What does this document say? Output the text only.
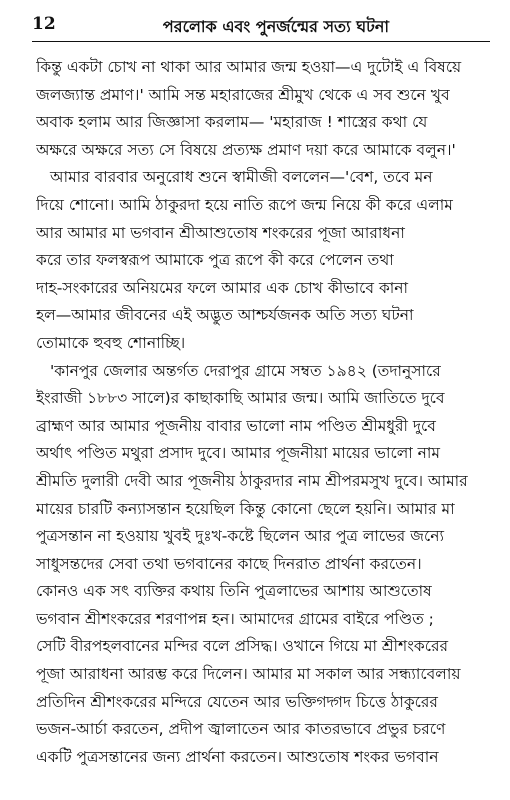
12	পরলোক এবং পুনর্জন্মের সত্য ঘটনা
কিন্তু একটা চোখ না থাকা আর আমার জন্ম হওয়া—এ দুটোই এ বিষয়ে
জলজ্যান্ত প্রমাণ।' আমি সন্ত মহারাজের শ্রীমুখ থেকে এ সব শুনে খুব
অবাক হলাম আর জিজ্ঞাসা করলাম— 'মহারাজ ! শাস্ত্রের কথা যে
অক্ষরে অক্ষরে সত্য সে বিষয়ে প্রত্যক্ষ প্রমাণ দয়া করে আমাকে বলুন।'
আমার বারবার অনুরোধ শুনে স্বামীজী বললেন—'বেশ, তবে মন
দিয়ে শোনো। আমি ঠাকুরদা হয়ে নাতি রূপে জন্ম নিয়ে কী করে এলাম
আর আমার মা ভগবান শ্রীআশুতোষ শংকরের পূজা আরাধনা
করে তার ফলস্বরূপ আমাকে পুত্র রূপে কী করে পেলেন তথা
দাহ-সংকারের অনিয়মের ফলে আমার এক চোখ কীভাবে কানা
হল—আমার জীবনের এই অদ্ভুত আশ্চর্যজনক অতি সত্য ঘটনা
তোমাকে হুবহু শোনাচ্ছি।
'কানপুর জেলার অন্তর্গত দেরাপুর গ্রামে সম্বত ১৯৪২ (তদানুসারে
ইংরাজী ১৮৮৩ সালে)র কাছাকাছি আমার জন্ম। আমি জাতিতে দুবে
ব্রাহ্মণ আর আমার পূজনীয় বাবার ভালো নাম পণ্ডিত শ্রীমধুরী দুবে
অর্থাৎ পণ্ডিত মথুরা প্রসাদ দুবে। আমার পূজনীয়া মায়ের ভালো নাম
শ্রীমতি দুলারী দেবী আর পূজনীয় ঠাকুরদার নাম শ্রীপরমসুখ দুবে। আমার
মায়ের চারটি কন্যাসন্তান হয়েছিল কিন্তু কোনো ছেলে হয়নি। আমার মা
পুত্রসন্তান না হওয়ায় খুবই দুঃখ-কষ্টে ছিলেন আর পুত্র লাভের জন্যে
সাধুসন্তদের সেবা তথা ভগবানের কাছে দিনরাত প্রার্থনা করতেন।
কোনও এক সৎ ব্যক্তির কথায় তিনি পুত্রলাভের আশায় আশুতোষ
ভগবান শ্রীশংকরের শরণাপন্ন হন। আমাদের গ্রামের বাইরে পণ্ডিত ;
সেটি বীরপহলবানের মন্দির বলে প্রসিদ্ধ। ওখানে গিয়ে মা শ্রীশংকরের
পূজা আরাধনা আরম্ভ করে দিলেন। আমার মা সকাল আর সন্ধ্যাবেলায়
প্রতিদিন শ্রীশংকরের মন্দিরে যেতেন আর ভক্তিগদ্গদ চিত্তে ঠাকুরের
ভজন-আর্চা করতেন, প্রদীপ জ্বালাতেন আর কাতরভাবে প্রভুর চরণে
একটি পুত্রসন্তানের জন্য প্রার্থনা করতেন। আশুতোষ শংকর ভগবান
